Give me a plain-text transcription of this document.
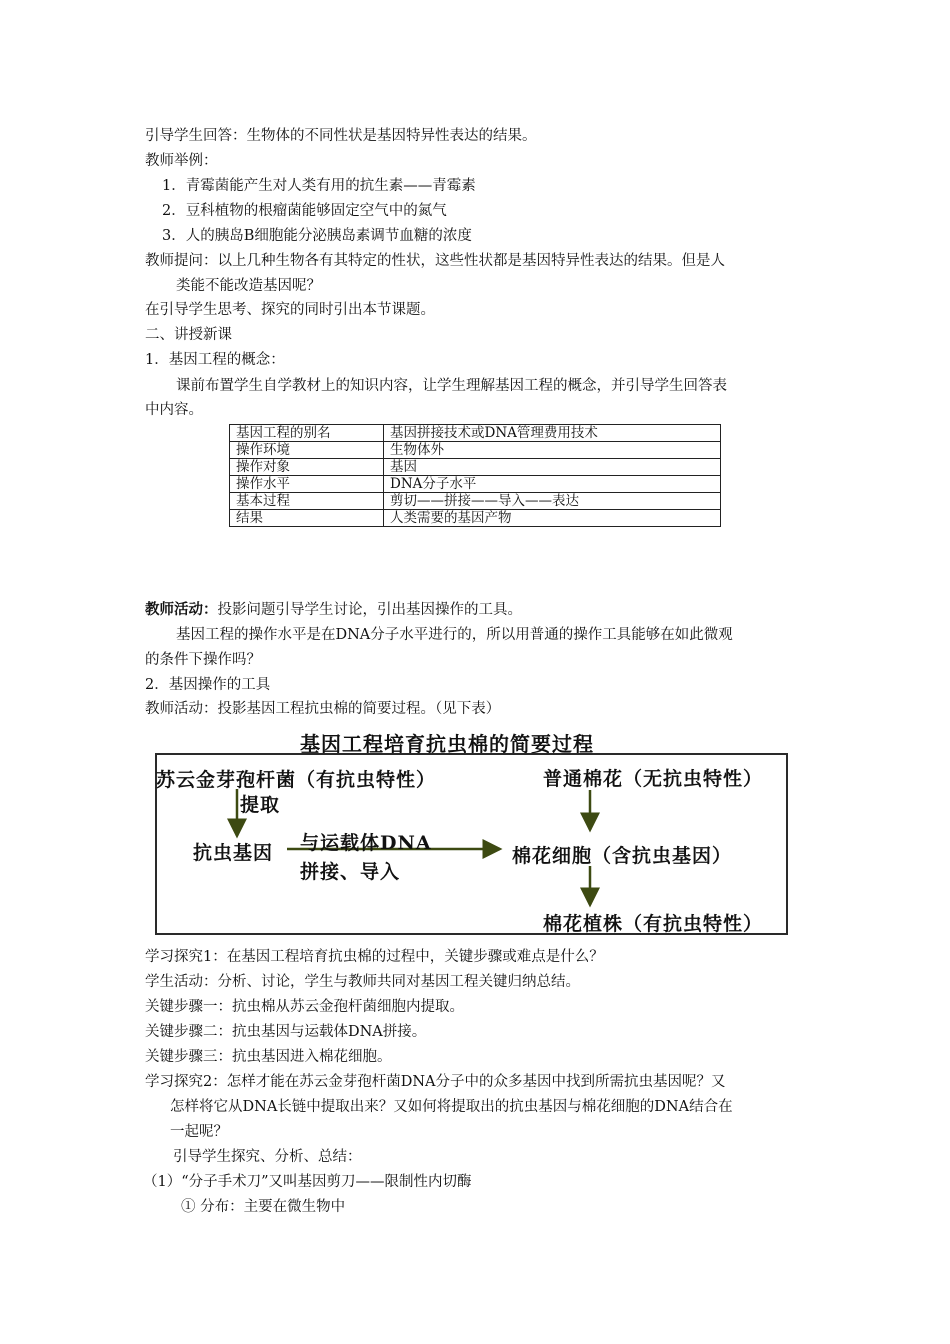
引导学生回答：生物体的不同性状是基因特异性表达的结果。
教师举例：
1．青霉菌能产生对人类有用的抗生素——青霉素
2．豆科植物的根瘤菌能够固定空气中的氮气
3．人的胰岛B细胞能分泌胰岛素调节血糖的浓度
教师提问：以上几种生物各有其特定的性状，这些性状都是基因特异性表达的结果。但是人
类能不能改造基因呢？
在引导学生思考、探究的同时引出本节课题。
二、讲授新课
1．基因工程的概念：
课前布置学生自学教材上的知识内容，让学生理解基因工程的概念，并引导学生回答表
中内容。
基因工程的别名	基因拼接技术或DNA管理费用技术
操作环境	生物体外
操作对象	基因
操作水平	DNA分子水平
基本过程	剪切——拼接——导入——表达
结果	人类需要的基因产物
教师活动：投影问题引导学生讨论，引出基因操作的工具。
基因工程的操作水平是在DNA分子水平进行的，所以用普通的操作工具能够在如此微观
的条件下操作吗？
2．基因操作的工具
教师活动：投影基因工程抗虫棉的简要过程。（见下表）
基因工程培育抗虫棉的简要过程
苏云金芽孢杆菌（有抗虫特性）
提取
抗虫基因 与运载体DNA
拼接、导入
普通棉花（无抗虫特性）
棉花细胞（含抗虫基因）
棉花植株（有抗虫特性）
学习探究1：在基因工程培育抗虫棉的过程中，关键步骤或难点是什么？
学生活动：分析、讨论，学生与教师共同对基因工程关键归纳总结。
关键步骤一：抗虫棉从苏云金孢杆菌细胞内提取。
关键步骤二：抗虫基因与运载体DNA拼接。
关键步骤三：抗虫基因进入棉花细胞。
学习探究2：怎样才能在苏云金芽孢杆菌DNA分子中的众多基因中找到所需抗虫基因呢？又
怎样将它从DNA长链中提取出来？又如何将提取出的抗虫基因与棉花细胞的DNA结合在
一起呢？
引导学生探究、分析、总结：
（1）“分子手术刀”又叫基因剪刀——限制性内切酶
① 分布：主要在微生物中
